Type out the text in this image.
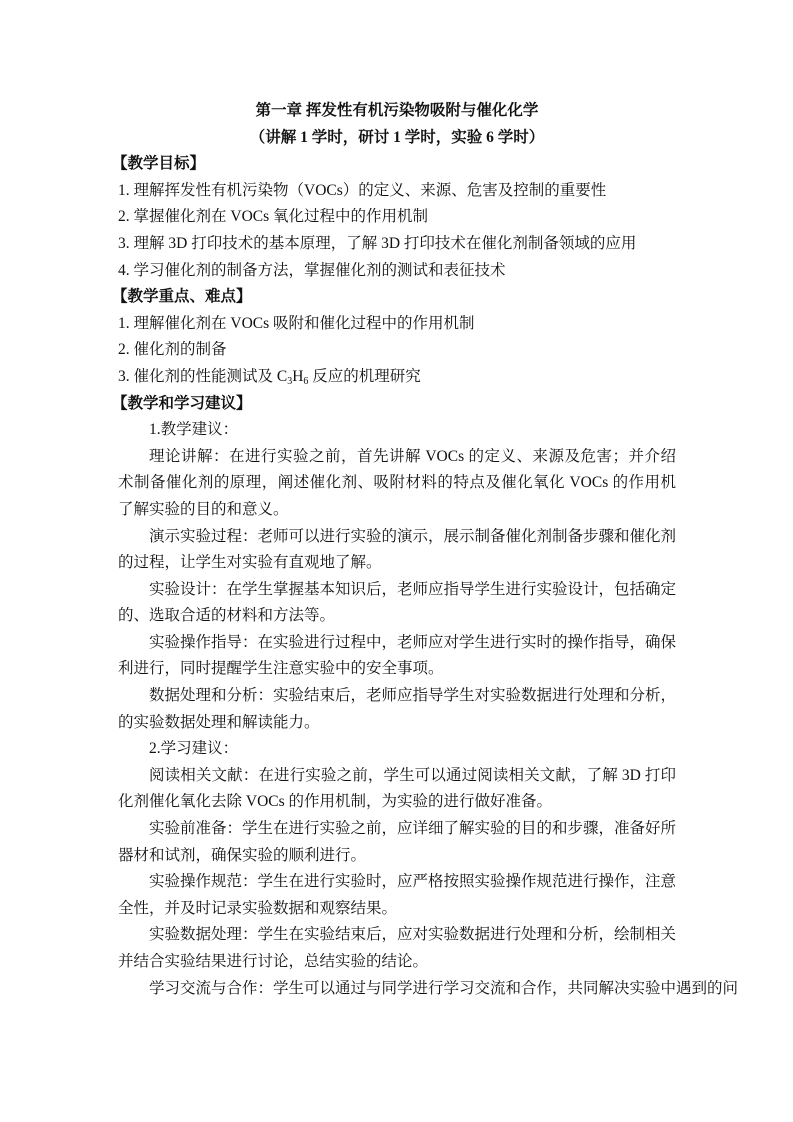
第一章 挥发性有机污染物吸附与催化化学
（讲解 1 学时，研讨 1 学时，实验 6 学时）
【教学目标】
1. 理解挥发性有机污染物（VOCs）的定义、来源、危害及控制的重要性
2. 掌握催化剂在 VOCs 氧化过程中的作用机制
3. 理解 3D 打印技术的基本原理，了解 3D 打印技术在催化剂制备领域的应用
4. 学习催化剂的制备方法，掌握催化剂的测试和表征技术
【教学重点、难点】
1. 理解催化剂在 VOCs 吸附和催化过程中的作用机制
2. 催化剂的制备
3. 催化剂的性能测试及 $C_3H_6$ 反应的机理研究
【教学和学习建议】
1.教学建议：
理论讲解：在进行实验之前，首先讲解 VOCs 的定义、来源及危害；并介绍
术制备催化剂的原理，阐述催化剂、吸附材料的特点及催化氧化 VOCs 的作用机
了解实验的目的和意义。
演示实验过程：老师可以进行实验的演示，展示制备催化剂制备步骤和催化剂
的过程，让学生对实验有直观地了解。
实验设计：在学生掌握基本知识后，老师应指导学生进行实验设计，包括确定
的、选取合适的材料和方法等。
实验操作指导：在实验进行过程中，老师应对学生进行实时的操作指导，确保
利进行，同时提醒学生注意实验中的安全事项。
数据处理和分析：实验结束后，老师应指导学生对实验数据进行处理和分析，
的实验数据处理和解读能力。
2.学习建议：
阅读相关文献：在进行实验之前，学生可以通过阅读相关文献，了解 3D 打印
化剂催化氧化去除 VOCs 的作用机制，为实验的进行做好准备。
实验前准备：学生在进行实验之前，应详细了解实验的目的和步骤，准备好所
器材和试剂，确保实验的顺利进行。
实验操作规范：学生在进行实验时，应严格按照实验操作规范进行操作，注意
全性，并及时记录实验数据和观察结果。
实验数据处理：学生在实验结束后，应对实验数据进行处理和分析，绘制相关
并结合实验结果进行讨论，总结实验的结论。
学习交流与合作：学生可以通过与同学进行学习交流和合作，共同解决实验中遇到的问
